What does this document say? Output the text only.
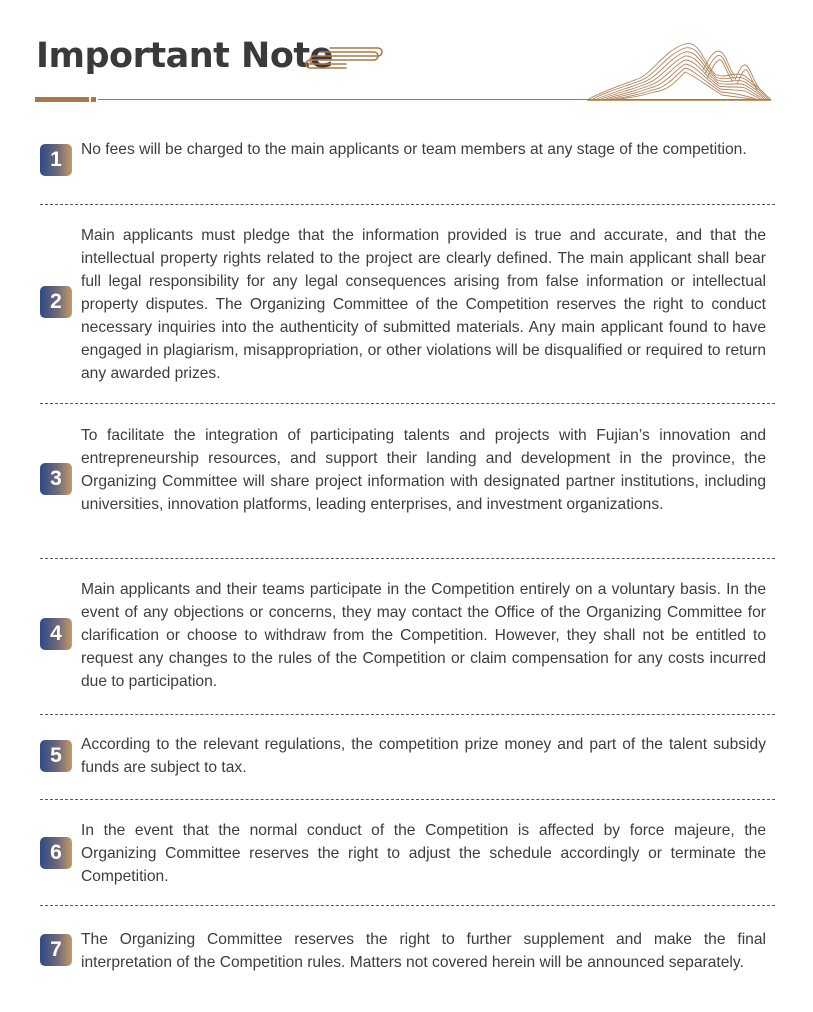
Important Note
1	No fees will be charged to the main applicants or team members at any stage of the competition.

2

Main applicants must pledge that the information provided is true and accurate, and that the intellectual property rights related to the project are clearly defined. The main applicant shall bear full legal responsibility for any legal consequences arising from false information or intellectual property disputes. The Organizing Committee of the Competition reserves the right to conduct necessary inquiries into the authenticity of submitted materials. Any main applicant found to have engaged in plagiarism, misappropriation, or other violations will be disqualified or required to return any awarded prizes.

3

To facilitate the integration of participating talents and projects with Fujian’s innovation and entrepreneurship resources, and support their landing and development in the province, the Organizing Committee will share project information with designated partner institutions, including universities, innovation platforms, leading enterprises, and investment organizations.

4

Main applicants and their teams participate in the Competition entirely on a voluntary basis. In the event of any objections or concerns, they may contact the Office of the Organizing Committee for clarification or choose to withdraw from the Competition. However, they shall not be entitled to request any changes to the rules of the Competition or claim compensation for any costs incurred due to participation.

5	According to the relevant regulations, the competition prize money and part of the talent subsidy funds are subject to tax.

6

In the event that the normal conduct of the Competition is affected by force majeure, the Organizing Committee reserves the right to adjust the schedule accordingly or terminate the Competition.

7	The Organizing Committee reserves the right to further supplement and make the final interpretation of the Competition rules. Matters not covered herein will be announced separately.
